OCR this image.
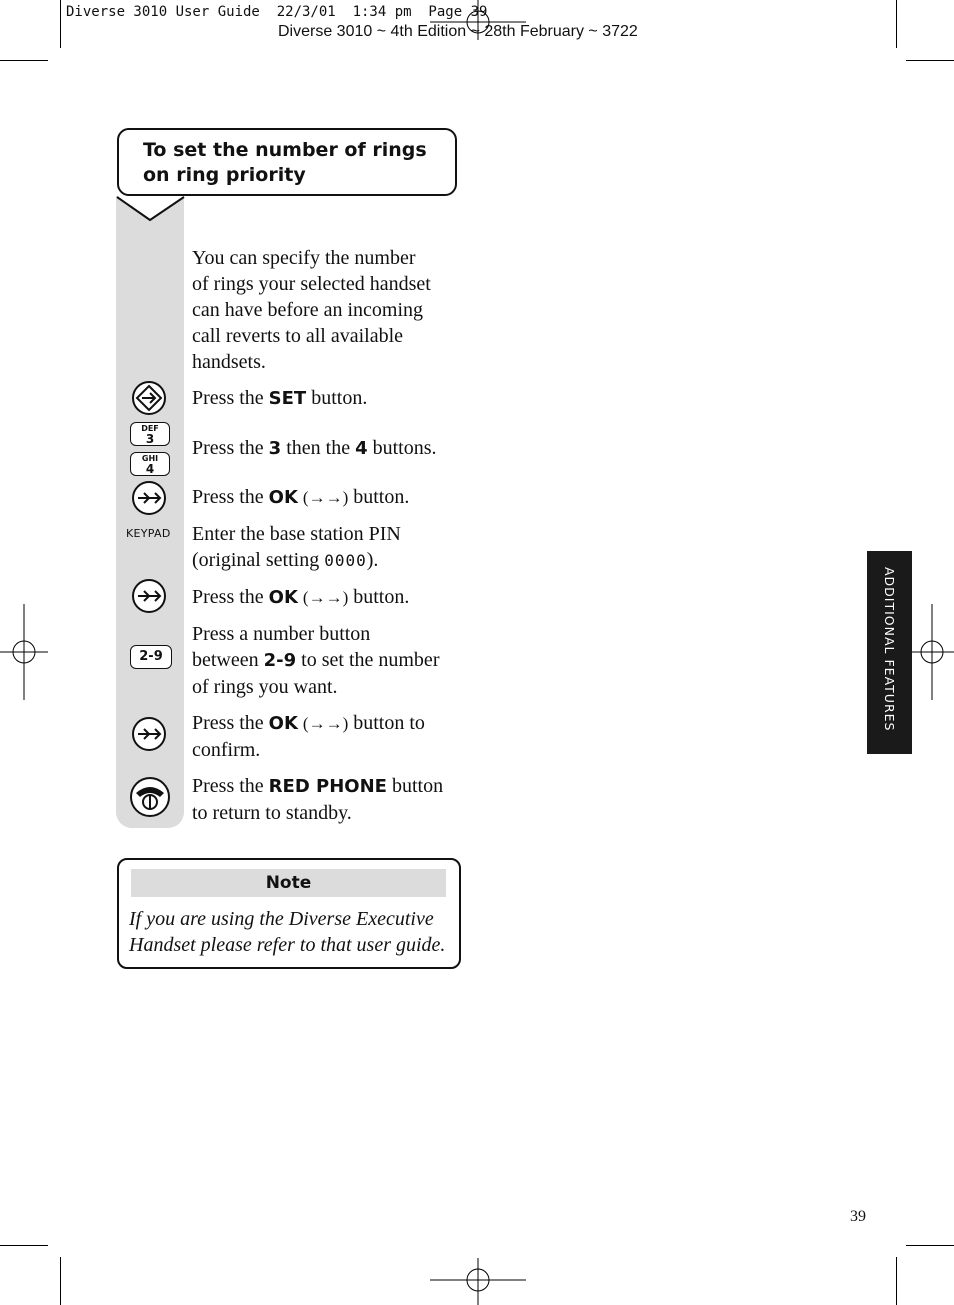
Diverse 3010 User Guide  22/3/01  1:34 pm  Page 39
Diverse 3010 ~ 4th Edition ~ 28th February ~ 3722
To set the number of rings on ring priority
You can specify the number
of rings your selected handset
can have before an incoming
call reverts to all available
handsets.
Press the SET button.
DEF
3
GHI
4
Press the 3 then the 4 buttons.
Press the OK (→→) button.
KEYPAD Enter the base station PIN
(original setting 0000).
Press the OK (→→) button.
2-9
Press a number button
between 2-9 to set the number
of rings you want.
Press the OK (→→) button to
confirm.
Press the RED PHONE button
to return to standby.
Note
If you are using the Diverse Executive
Handset please refer to that user guide.
ADDITIONAL FEATURES
39
